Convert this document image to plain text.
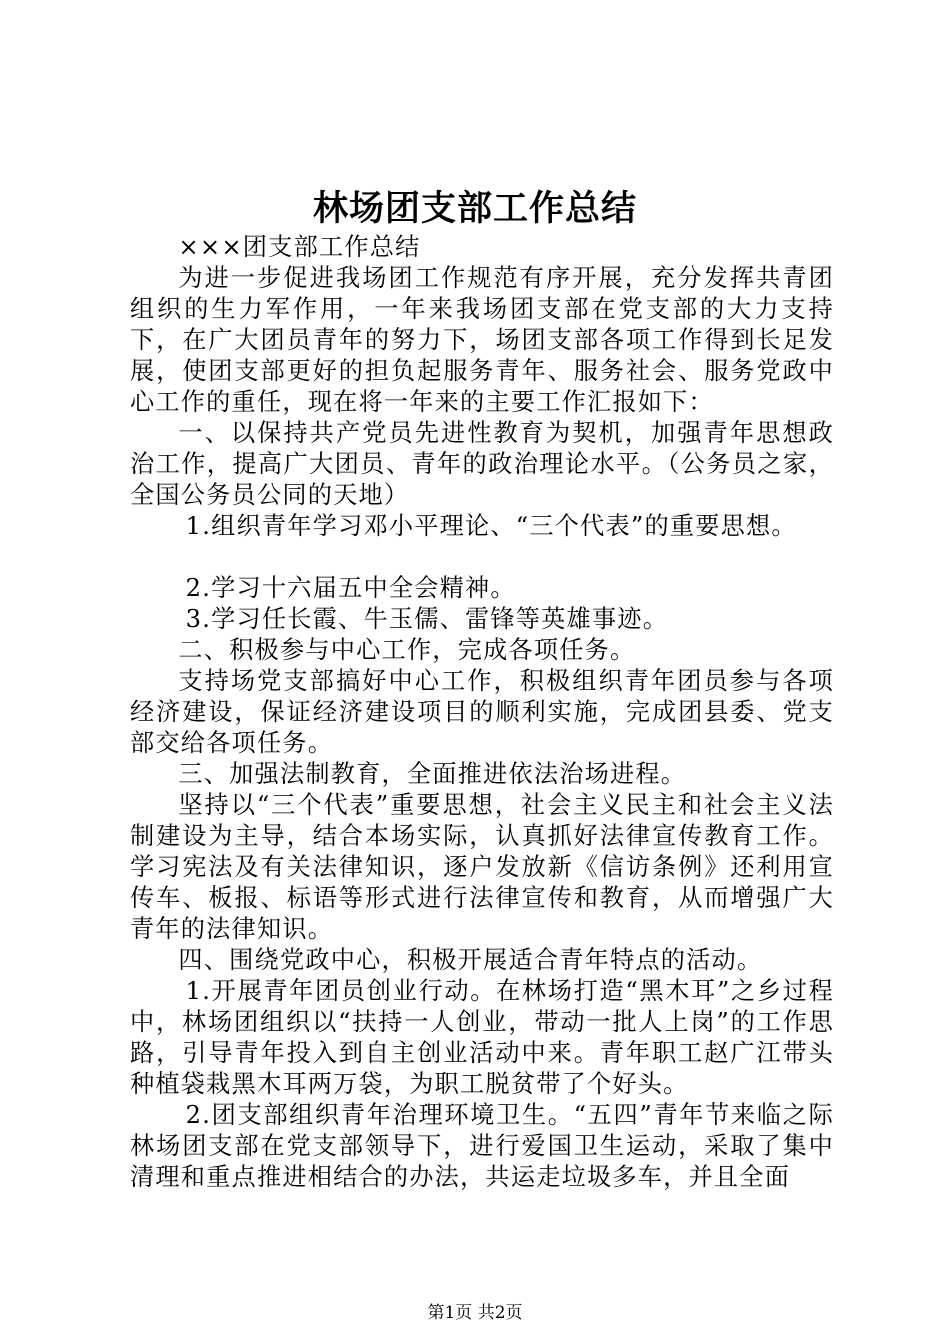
林场团支部工作总结

×××团支部工作总结

为进一步促进我场团工作规范有序开展，充分发挥共青团组织的生力军作用，一年来我场团支部在党支部的大力支持下，在广大团员青年的努力下，场团支部各项工作得到长足发展，使团支部更好的担负起服务青年、服务社会、服务党政中心工作的重任，现在将一年来的主要工作汇报如下：

一、以保持共产党员先进性教育为契机，加强青年思想政治工作，提高广大团员、青年的政治理论水平。（公务员之家，全国公务员公同的天地）

1.组织青年学习邓小平理论、“三个代表”的重要思想。

2.学习十六届五中全会精神。

3.学习任长霞、牛玉儒、雷锋等英雄事迹。

二、积极参与中心工作，完成各项任务。

支持场党支部搞好中心工作，积极组织青年团员参与各项经济建设，保证经济建设项目的顺利实施，完成团县委、党支部交给各项任务。

三、加强法制教育，全面推进依法治场进程。

坚持以“三个代表”重要思想，社会主义民主和社会主义法制建设为主导，结合本场实际，认真抓好法律宣传教育工作。学习宪法及有关法律知识，逐户发放新《信访条例》还利用宣传车、板报、标语等形式进行法律宣传和教育，从而增强广大青年的法律知识。

四、围绕党政中心，积极开展适合青年特点的活动。

1.开展青年团员创业行动。在林场打造“黑木耳”之乡过程中，林场团组织以“扶持一人创业，带动一批人上岗”的工作思路，引导青年投入到自主创业活动中来。青年职工赵广江带头种植袋栽黑木耳两万袋，为职工脱贫带了个好头。

2.团支部组织青年治理环境卫生。“五四”青年节来临之际林场团支部在党支部领导下，进行爱国卫生运动，采取了集中清理和重点推进相结合的办法，共运走垃圾多车，并且全面

第1页 共2页
